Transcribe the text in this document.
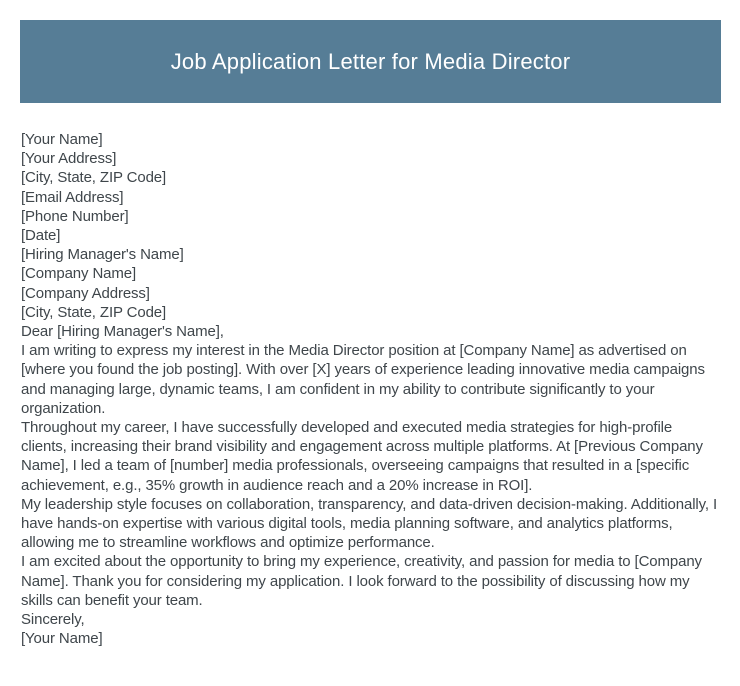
Job Application Letter for Media Director

[Your Name]

[Your Address]

[City, State, ZIP Code]

[Email Address]

[Phone Number]

[Date]

[Hiring Manager's Name]

[Company Name]

[Company Address]

[City, State, ZIP Code]

Dear [Hiring Manager's Name],

I am writing to express my interest in the Media Director position at [Company Name] as advertised on [where you found the job posting]. With over [X] years of experience leading innovative media campaigns and managing large, dynamic teams, I am confident in my ability to contribute significantly to your organization.

Throughout my career, I have successfully developed and executed media strategies for high-profile clients, increasing their brand visibility and engagement across multiple platforms. At [Previous Company Name], I led a team of [number] media professionals, overseeing campaigns that resulted in a [specific achievement, e.g., 35% growth in audience reach and a 20% increase in ROI].

My leadership style focuses on collaboration, transparency, and data-driven decision-making. Additionally, I have hands-on expertise with various digital tools, media planning software, and analytics platforms, allowing me to streamline workflows and optimize performance.

I am excited about the opportunity to bring my experience, creativity, and passion for media to [Company Name]. Thank you for considering my application. I look forward to the possibility of discussing how my skills can benefit your team.

Sincerely,

[Your Name]
